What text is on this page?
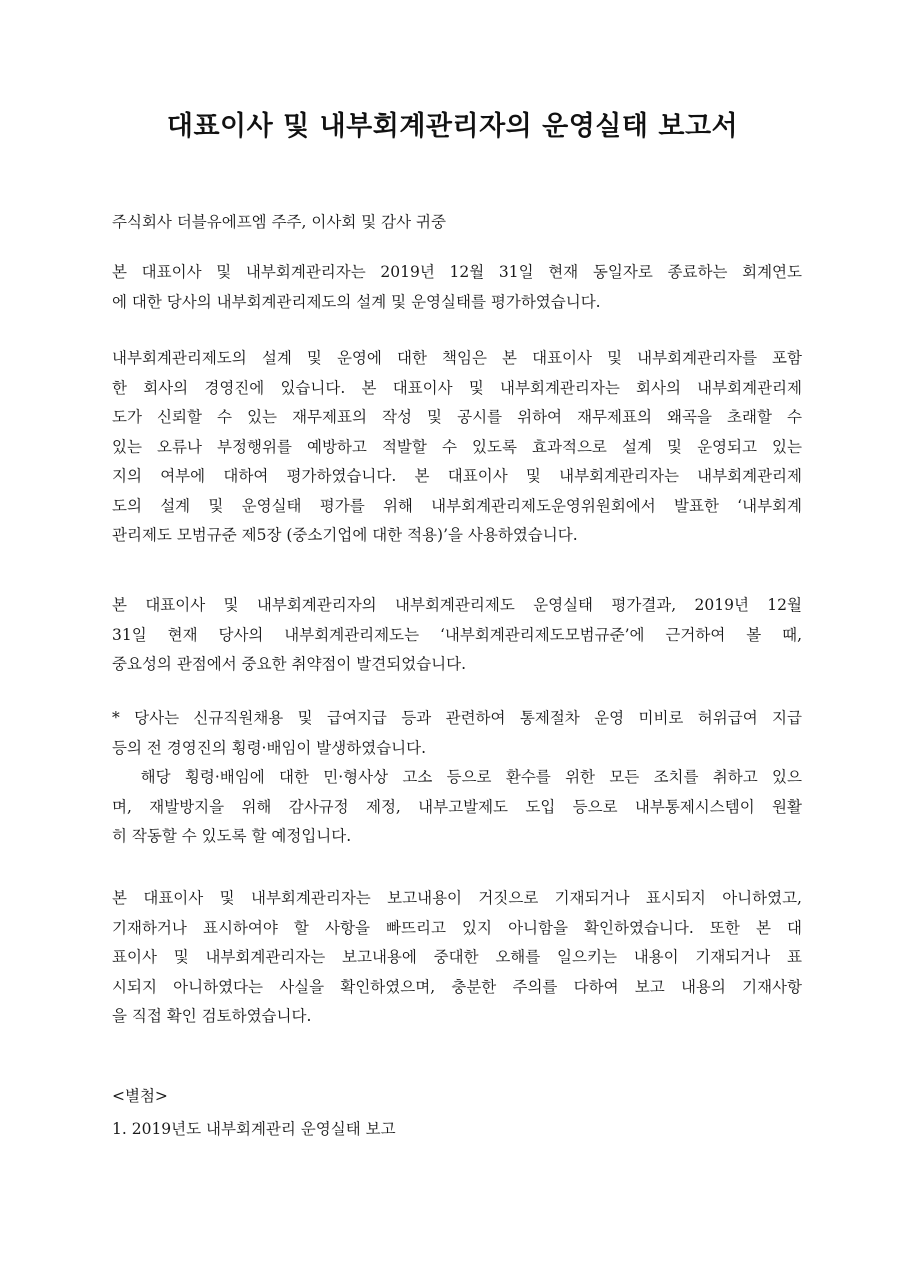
대표이사 및 내부회계관리자의 운영실태 보고서
주식회사 더블유에프엠 주주, 이사회 및 감사 귀중
본 대표이사 및 내부회계관리자는 2019년 12월 31일 현재 동일자로 종료하는 회계연도
에 대한 당사의 내부회계관리제도의 설계 및 운영실태를 평가하였습니다.
내부회계관리제도의 설계 및 운영에 대한 책임은 본 대표이사 및 내부회계관리자를 포함
한 회사의 경영진에 있습니다. 본 대표이사 및 내부회계관리자는 회사의 내부회계관리제
도가 신뢰할 수 있는 재무제표의 작성 및 공시를 위하여 재무제표의 왜곡을 초래할 수
있는 오류나 부정행위를 예방하고 적발할 수 있도록 효과적으로 설계 및 운영되고 있는
지의 여부에 대하여 평가하였습니다. 본 대표이사 및 내부회계관리자는 내부회계관리제
도의 설계 및 운영실태 평가를 위해 내부회계관리제도운영위원회에서 발표한 ‘내부회계
관리제도 모범규준 제5장 (중소기업에 대한 적용)’을 사용하였습니다.
본 대표이사 및 내부회계관리자의 내부회계관리제도 운영실태 평가결과, 2019년 12월
31일 현재 당사의 내부회계관리제도는 ‘내부회계관리제도모범규준’에 근거하여 볼 때,
중요성의 관점에서 중요한 취약점이 발견되었습니다.
* 당사는 신규직원채용 및 급여지급 등과 관련하여 통제절차 운영 미비로 허위급여 지급
등의 전 경영진의 횡령·배임이 발생하였습니다.
해당 횡령·배임에 대한 민·형사상 고소 등으로 환수를 위한 모든 조치를 취하고 있으
며, 재발방지을 위해 감사규정 제정, 내부고발제도 도입 등으로 내부통제시스템이 원활
히 작동할 수 있도록 할 예정입니다.
본 대표이사 및 내부회계관리자는 보고내용이 거짓으로 기재되거나 표시되지 아니하였고,
기재하거나 표시하여야 할 사항을 빠뜨리고 있지 아니함을 확인하였습니다. 또한 본 대
표이사 및 내부회계관리자는 보고내용에 중대한 오해를 일으키는 내용이 기재되거나 표
시되지 아니하였다는 사실을 확인하였으며, 충분한 주의를 다하여 보고 내용의 기재사항
을 직접 확인 검토하였습니다.
<별첨>
1. 2019년도 내부회계관리 운영실태 보고
